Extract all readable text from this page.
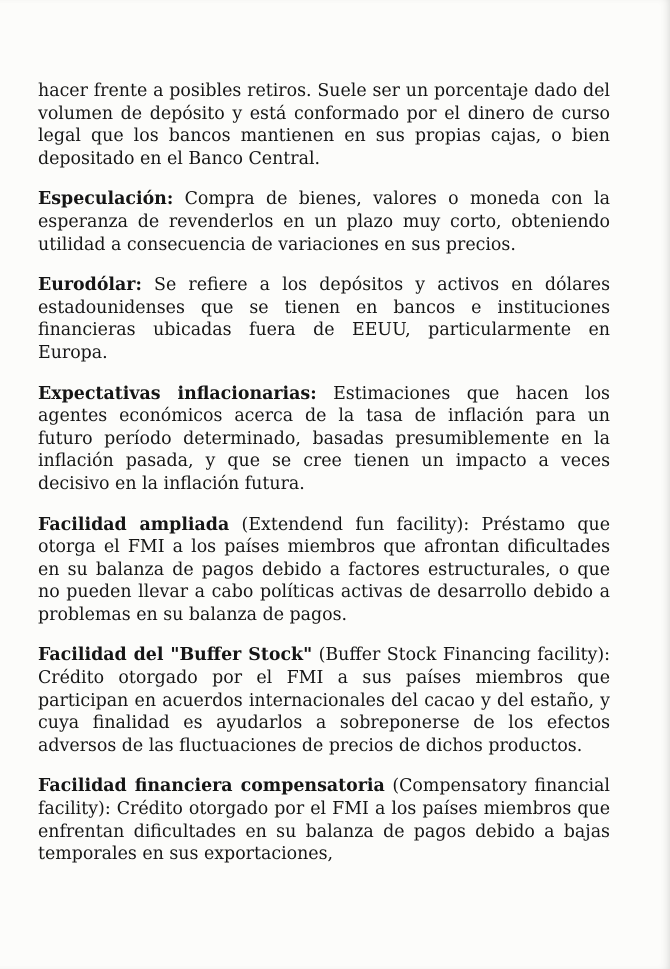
hacer frente a posibles retiros. Suele ser un porcentaje dado del volumen de depósito y está conformado por el dinero de curso legal que los bancos mantienen en sus propias cajas, o bien depositado en el Banco Central.

Especulación: Compra de bienes, valores o moneda con la esperanza de revenderlos en un plazo muy corto, obteniendo utilidad a consecuencia de variaciones en sus precios.

Eurodólar: Se refiere a los depósitos y activos en dólares estadounidenses que se tienen en bancos e instituciones financieras ubicadas fuera de EEUU, particularmente en Europa.

Expectativas inflacionarias: Estimaciones que hacen los agentes económicos acerca de la tasa de inflación para un futuro período determinado, basadas presumiblemente en la inflación pasada, y que se cree tienen un impacto a veces decisivo en la inflación futura.

Facilidad ampliada (Extendend fun facility): Préstamo que otorga el FMI a los países miembros que afrontan dificultades en su balanza de pagos debido a factores estructurales, o que no pueden llevar a cabo políticas activas de desarrollo debido a problemas en su balanza de pagos.

Facilidad del "Buffer Stock" (Buffer Stock Financing facility): Crédito otorgado por el FMI a sus países miembros que participan en acuerdos internacionales del cacao y del estaño, y cuya finalidad es ayudarlos a sobreponerse de los efectos adversos de las fluctuaciones de precios de dichos productos.

Facilidad financiera compensatoria (Compensatory financial facility): Crédito otorgado por el FMI a los países miembros que enfrentan dificultades en su balanza de pagos debido a bajas temporales en sus exportaciones,
